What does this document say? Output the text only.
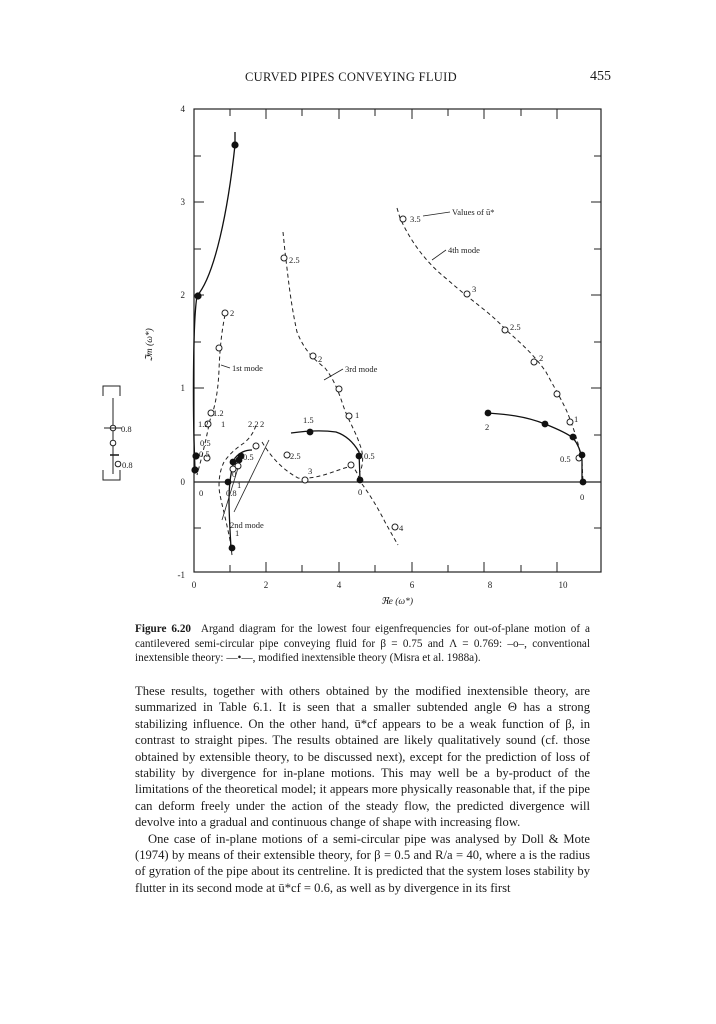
CURVED PIPES CONVEYING FLUID	455
4
3
2
1
0
-1
0	2	4	6	8	10
ℜe (ω*)
ℑm (ω*)
1st mode
2nd mode
3rd mode
Values of ū*
4th mode
3.5
3
2.5
2
1
0.5
0
2.5
2
1
0.5
0
1.5
2.5
3
4
2
1.2
1	2.2
0.5
0.5
0	0.8
1
2
1.2	2
0.5
0
1
0.8
0.8
Figure 6.20 Argand diagram for the lowest four eigenfrequencies for out-of-plane motion of a cantilevered semi-circular pipe conveying fluid for β = 0.75 and Λ = 0.769: –o–, conventional inextensible theory: —•—, modified inextensible theory (Misra et al. 1988a).

These results, together with others obtained by the modified inextensible theory, are summarized in Table 6.1. It is seen that a smaller subtended angle Θ has a strong stabilizing influence. On the other hand, ū*cf appears to be a weak function of β, in contrast to straight pipes. The results obtained are likely qualitatively sound (cf. those obtained by extensible theory, to be discussed next), except for the prediction of loss of stability by divergence for in-plane motions. This may well be a by-product of the limitations of the theoretical model; it appears more physically reasonable that, if the pipe can deform freely under the action of the steady flow, the predicted divergence will devolve into a gradual and continuous change of shape with increasing flow.

One case of in-plane motions of a semi-circular pipe was analysed by Doll & Mote (1974) by means of their extensible theory, for β = 0.5 and R/a = 40, where a is the radius of gyration of the pipe about its centreline. It is predicted that the system loses stability by flutter in its second mode at ū*cf = 0.6, as well as by divergence in its first
